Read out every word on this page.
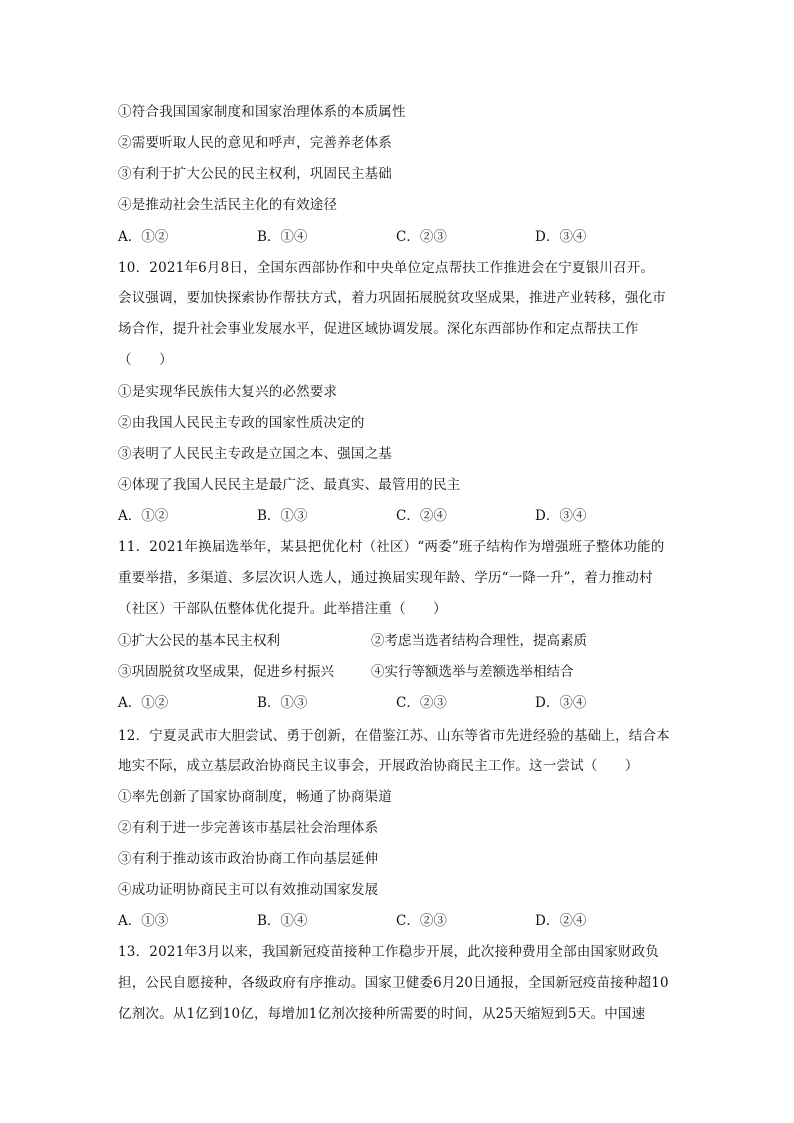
①符合我国国家制度和国家治理体系的本质属性
②需要听取人民的意见和呼声，完善养老体系
③有利于扩大公民的民主权利，巩固民主基础
④是推动社会生活民主化的有效途径
A．①②	B．①④	C．②③	D．③④
10．2021年6月8日，全国东西部协作和中央单位定点帮扶工作推进会在宁夏银川召开。
会议强调，要加快探索协作帮扶方式，着力巩固拓展脱贫攻坚成果，推进产业转移，强化市
场合作，提升社会事业发展水平，促进区域协调发展。深化东西部协作和定点帮扶工作
（　　）
①是实现华民族伟大复兴的必然要求
②由我国人民民主专政的国家性质决定的
③表明了人民民主专政是立国之本、强国之基
④体现了我国人民民主是最广泛、最真实、最管用的民主
A．①②	B．①③	C．②④	D．③④
11．2021年换届选举年，某县把优化村（社区）“两委”班子结构作为增强班子整体功能的
重要举措，多渠道、多层次识人选人，通过换届实现年龄、学历“一降一升”，着力推动村
（社区）干部队伍整体优化提升。此举措注重（　　）
①扩大公民的基本民主权利	②考虑当选者结构合理性，提高素质
③巩固脱贫攻坚成果，促进乡村振兴	④实行等额选举与差额选举相结合
A．①②	B．①③	C．②③	D．③④
12．宁夏灵武市大胆尝试、勇于创新，在借鉴江苏、山东等省市先进经验的基础上，结合本
地实不际，成立基层政治协商民主议事会，开展政治协商民主工作。这一尝试（　　）
①率先创新了国家协商制度，畅通了协商渠道
②有利于进一步完善该市基层社会治理体系
③有利于推动该市政治协商工作向基层延伸
④成功证明协商民主可以有效推动国家发展
A．①③	B．①④	C．②③	D．②④
13．2021年3月以来，我国新冠疫苗接种工作稳步开展，此次接种费用全部由国家财政负
担，公民自愿接种，各级政府有序推动。国家卫健委6月20日通报，全国新冠疫苗接种超10
亿剂次。从1亿到10亿，每增加1亿剂次接种所需要的时间，从25天缩短到5天。中国速
